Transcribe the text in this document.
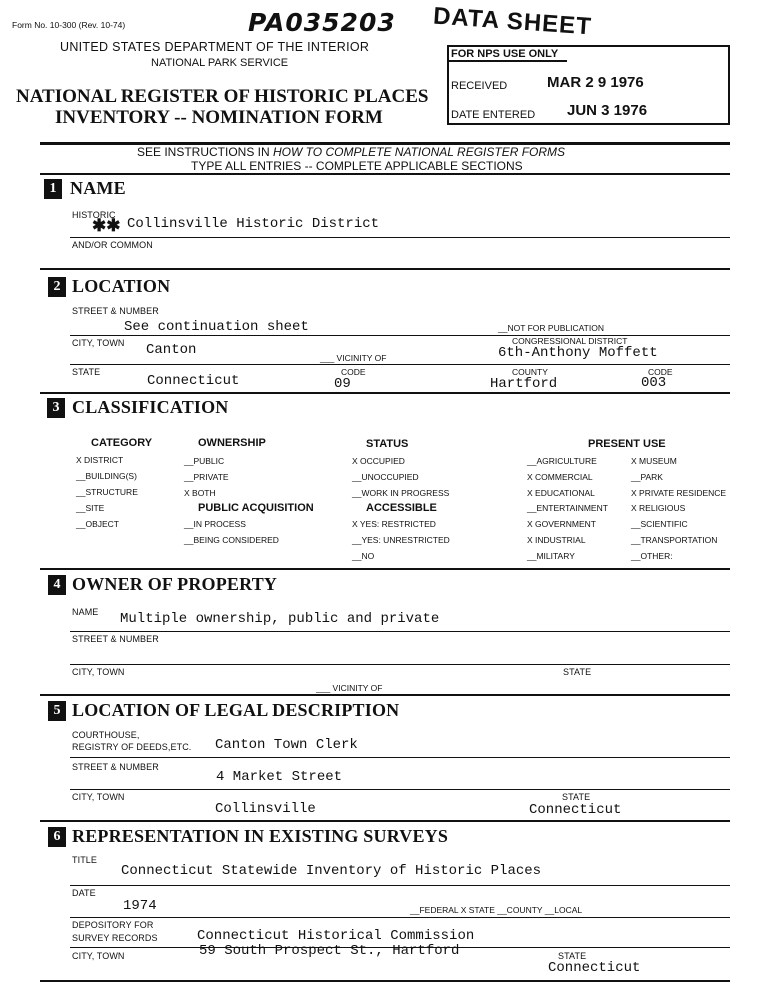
Form No. 10-300 (Rev. 10-74)	PA035203 DATA SHEET
UNITED STATES DEPARTMENT OF THE INTERIOR
NATIONAL PARK SERVICE
NATIONAL REGISTER OF HISTORIC PLACES
INVENTORY -- NOMINATION FORM
FOR NPS USE ONLY
RECEIVED	MAR 2 9 1976
DATE ENTERED JUN 3 1976
SEE INSTRUCTIONS IN HOW TO COMPLETE NATIONAL REGISTER FORMS
TYPE ALL ENTRIES -- COMPLETE APPLICABLE SECTIONS
1 NAME
HISTORIC
✱✱ Collinsville Historic District
AND/OR COMMON
2 LOCATION
STREET & NUMBER
See continuation sheet	__NOT FOR PUBLICATION
CITY, TOWN Canton	___ VICINITY OF
CONGRESSIONAL DISTRICT
6th-Anthony Moffett
STATE
Connecticut
CODE
09
COUNTY
Hartford
CODE
003
3 CLASSIFICATION
CATEGORY
X DISTRICT
__BUILDING(S)
__STRUCTURE
__SITE
__OBJECT
OWNERSHIP
__PUBLIC
__PRIVATE
X BOTH
PUBLIC ACQUISITION
__IN PROCESS
__BEING CONSIDERED
STATUS
X OCCUPIED
__UNOCCUPIED
__WORK IN PROGRESS
ACCESSIBLE
X YES: RESTRICTED
__YES: UNRESTRICTED
__NO
PRESENT USE
__AGRICULTURE
X COMMERCIAL
X EDUCATIONAL
__ENTERTAINMENT
X GOVERNMENT
X INDUSTRIAL
__MILITARY
X MUSEUM
__PARK
X PRIVATE RESIDENCE
X RELIGIOUS
__SCIENTIFIC
__TRANSPORTATION
__OTHER:
4 OWNER OF PROPERTY
NAME Multiple ownership, public and private
STREET & NUMBER
CITY, TOWN
___ VICINITY OF
STATE
5 LOCATION OF LEGAL DESCRIPTION
COURTHOUSE,
REGISTRY OF DEEDS,ETC. Canton Town Clerk
STREET & NUMBER
4 Market Street
CITY, TOWN
Collinsville
STATE
Connecticut
6 REPRESENTATION IN EXISTING SURVEYS
TITLE
Connecticut Statewide Inventory of Historic Places
DATE
1974	__FEDERAL X STATE __COUNTY __LOCAL
DEPOSITORY FOR
SURVEY RECORDS	Connecticut Historical Commission
CITY, TOWN	59 South Prospect St., Hartford	STATE
Connecticut
